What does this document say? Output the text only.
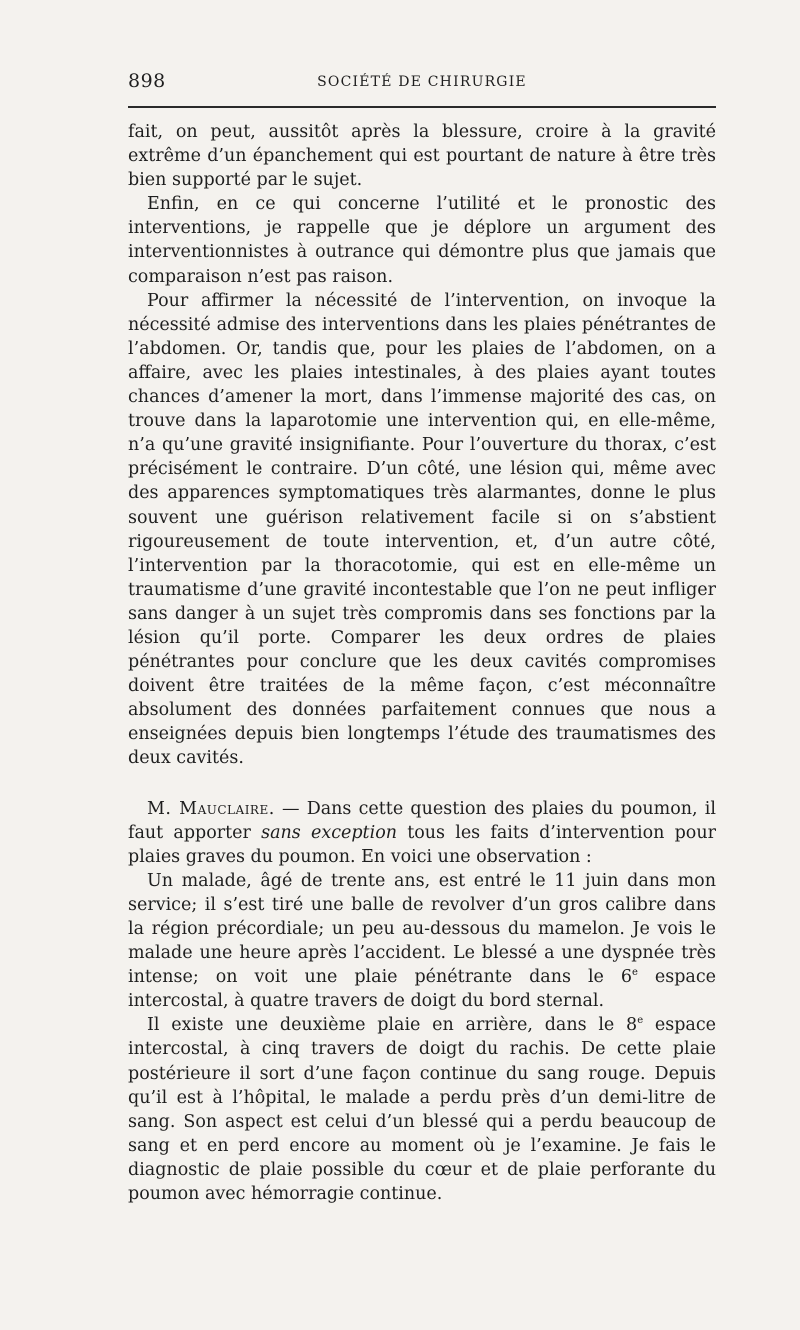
898	SOCIÉTÉ DE CHIRURGIE

fait, on peut, aussitôt après la blessure, croire à la gravité extrême d’un épanchement qui est pourtant de nature à être très bien supporté par le sujet.

Enfin, en ce qui concerne l’utilité et le pronostic des interventions, je rappelle que je déplore un argument des interventionnistes à outrance qui démontre plus que jamais que comparaison n’est pas raison.

Pour affirmer la nécessité de l’intervention, on invoque la nécessité admise des interventions dans les plaies pénétrantes de l’abdomen. Or, tandis que, pour les plaies de l’abdomen, on a affaire, avec les plaies intestinales, à des plaies ayant toutes chances d’amener la mort, dans l’immense majorité des cas, on trouve dans la laparotomie une intervention qui, en elle-même, n’a qu’une gravité insignifiante. Pour l’ouverture du thorax, c’est précisément le contraire. D’un côté, une lésion qui, même avec des apparences symptomatiques très alarmantes, donne le plus souvent une guérison relativement facile si on s’abstient rigoureusement de toute intervention, et, d’un autre côté, l’intervention par la thoracotomie, qui est en elle-même un traumatisme d’une gravité incontestable que l’on ne peut infliger sans danger à un sujet très compromis dans ses fonctions par la lésion qu’il porte. Comparer les deux ordres de plaies pénétrantes pour conclure que les deux cavités compromises doivent être traitées de la même façon, c’est méconnaître absolument des données parfaitement connues que nous a enseignées depuis bien longtemps l’étude des traumatismes des deux cavités.

M. Mauclaire. — Dans cette question des plaies du poumon, il faut apporter sans exception tous les faits d’intervention pour plaies graves du poumon. En voici une observation :

Un malade, âgé de trente ans, est entré le 11 juin dans mon service; il s’est tiré une balle de revolver d’un gros calibre dans la région précordiale; un peu au-dessous du mamelon. Je vois le malade une heure après l’accident. Le blessé a une dyspnée très intense; on voit une plaie pénétrante dans le 6e espace intercostal, à quatre travers de doigt du bord sternal.

Il existe une deuxième plaie en arrière, dans le 8e espace intercostal, à cinq travers de doigt du rachis. De cette plaie postérieure il sort d’une façon continue du sang rouge. Depuis qu’il est à l’hôpital, le malade a perdu près d’un demi-litre de sang. Son aspect est celui d’un blessé qui a perdu beaucoup de sang et en perd encore au moment où je l’examine. Je fais le diagnostic de plaie possible du cœur et de plaie perforante du poumon avec hémorragie continue.
